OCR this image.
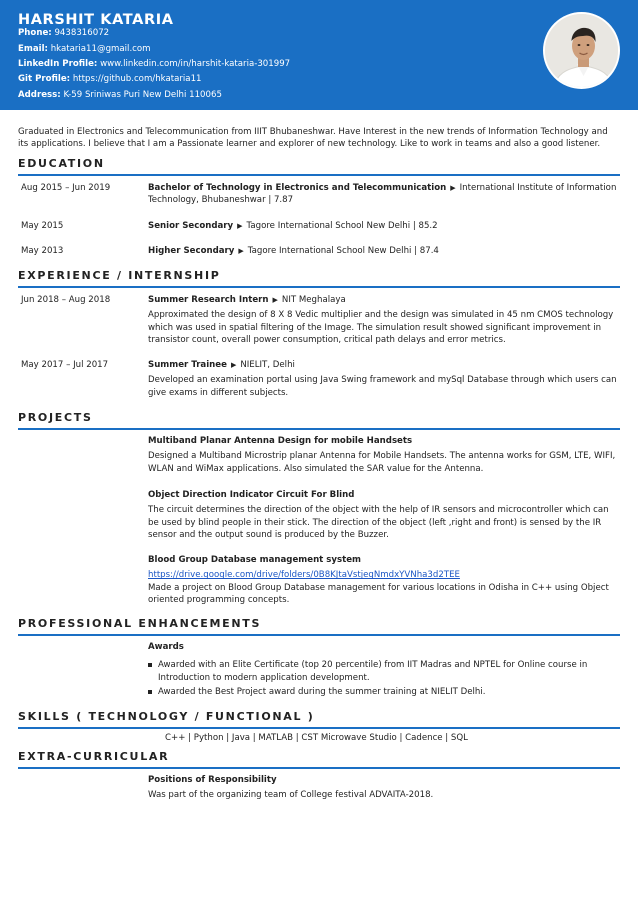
HARSHIT KATARIA
Phone: 9438316072
Email: hkataria11@gmail.com
LinkedIn Profile: www.linkedin.com/in/harshit-kataria-301997
Git Profile: https://github.com/hkataria11
Address: K-59 Sriniwas Puri New Delhi 110065
Graduated in Electronics and Telecommunication from IIIT Bhubaneshwar. Have Interest in the new trends of Information Technology and its applications. I believe that I am a Passionate learner and explorer of new technology. Like to work in teams and also a good listener.
EDUCATION
Aug 2015 – Jun 2019	Bachelor of Technology in Electronics and Telecommunication ▶ International Institute of Information Technology, Bhubaneshwar | 7.87
May 2015	Senior Secondary ▶ Tagore International School New Delhi | 85.2
May 2013	Higher Secondary ▶ Tagore International School New Delhi | 87.4
EXPERIENCE / INTERNSHIP
Jun 2018 – Aug 2018	Summer Research Intern ▶ NIT Meghalaya
Approximated the design of 8 X 8 Vedic multiplier and the design was simulated in 45 nm CMOS technology which was used in spatial filtering of the Image. The simulation result showed significant improvement in transistor count, overall power consumption, critical path delays and error metrics.
May 2017 – Jul 2017	Summer Trainee ▶ NIELIT, Delhi
Developed an examination portal using Java Swing framework and mySql Database through which users can give exams in different subjects.
PROJECTS
Multiband Planar Antenna Design for mobile Handsets
Designed a Multiband Microstrip planar Antenna for Mobile Handsets. The antenna works for GSM, LTE, WIFI, WLAN and WiMax applications. Also simulated the SAR value for the Antenna.
Object Direction Indicator Circuit For Blind
The circuit determines the direction of the object with the help of IR sensors and microcontroller which can be used by blind people in their stick. The direction of the object (left ,right and front) is sensed by the IR sensor and the output sound is produced by the Buzzer.
Blood Group Database management system
https://drive.google.com/drive/folders/0B8KJtaVstjegNmdxYVNha3d2TEE
Made a project on Blood Group Database management for various locations in Odisha in C++ using Object oriented programming concepts.
PROFESSIONAL ENHANCEMENTS
Awards
Awarded with an Elite Certificate (top 20 percentile) from IIT Madras and NPTEL for Online course in Introduction to modern application development.
Awarded the Best Project award during the summer training at NIELIT Delhi.
SKILLS ( TECHNOLOGY / FUNCTIONAL )
C++ | Python | Java | MATLAB | CST Microwave Studio | Cadence | SQL
EXTRA-CURRICULAR
Positions of Responsibility
Was part of the organizing team of College festival ADVAITA-2018.
